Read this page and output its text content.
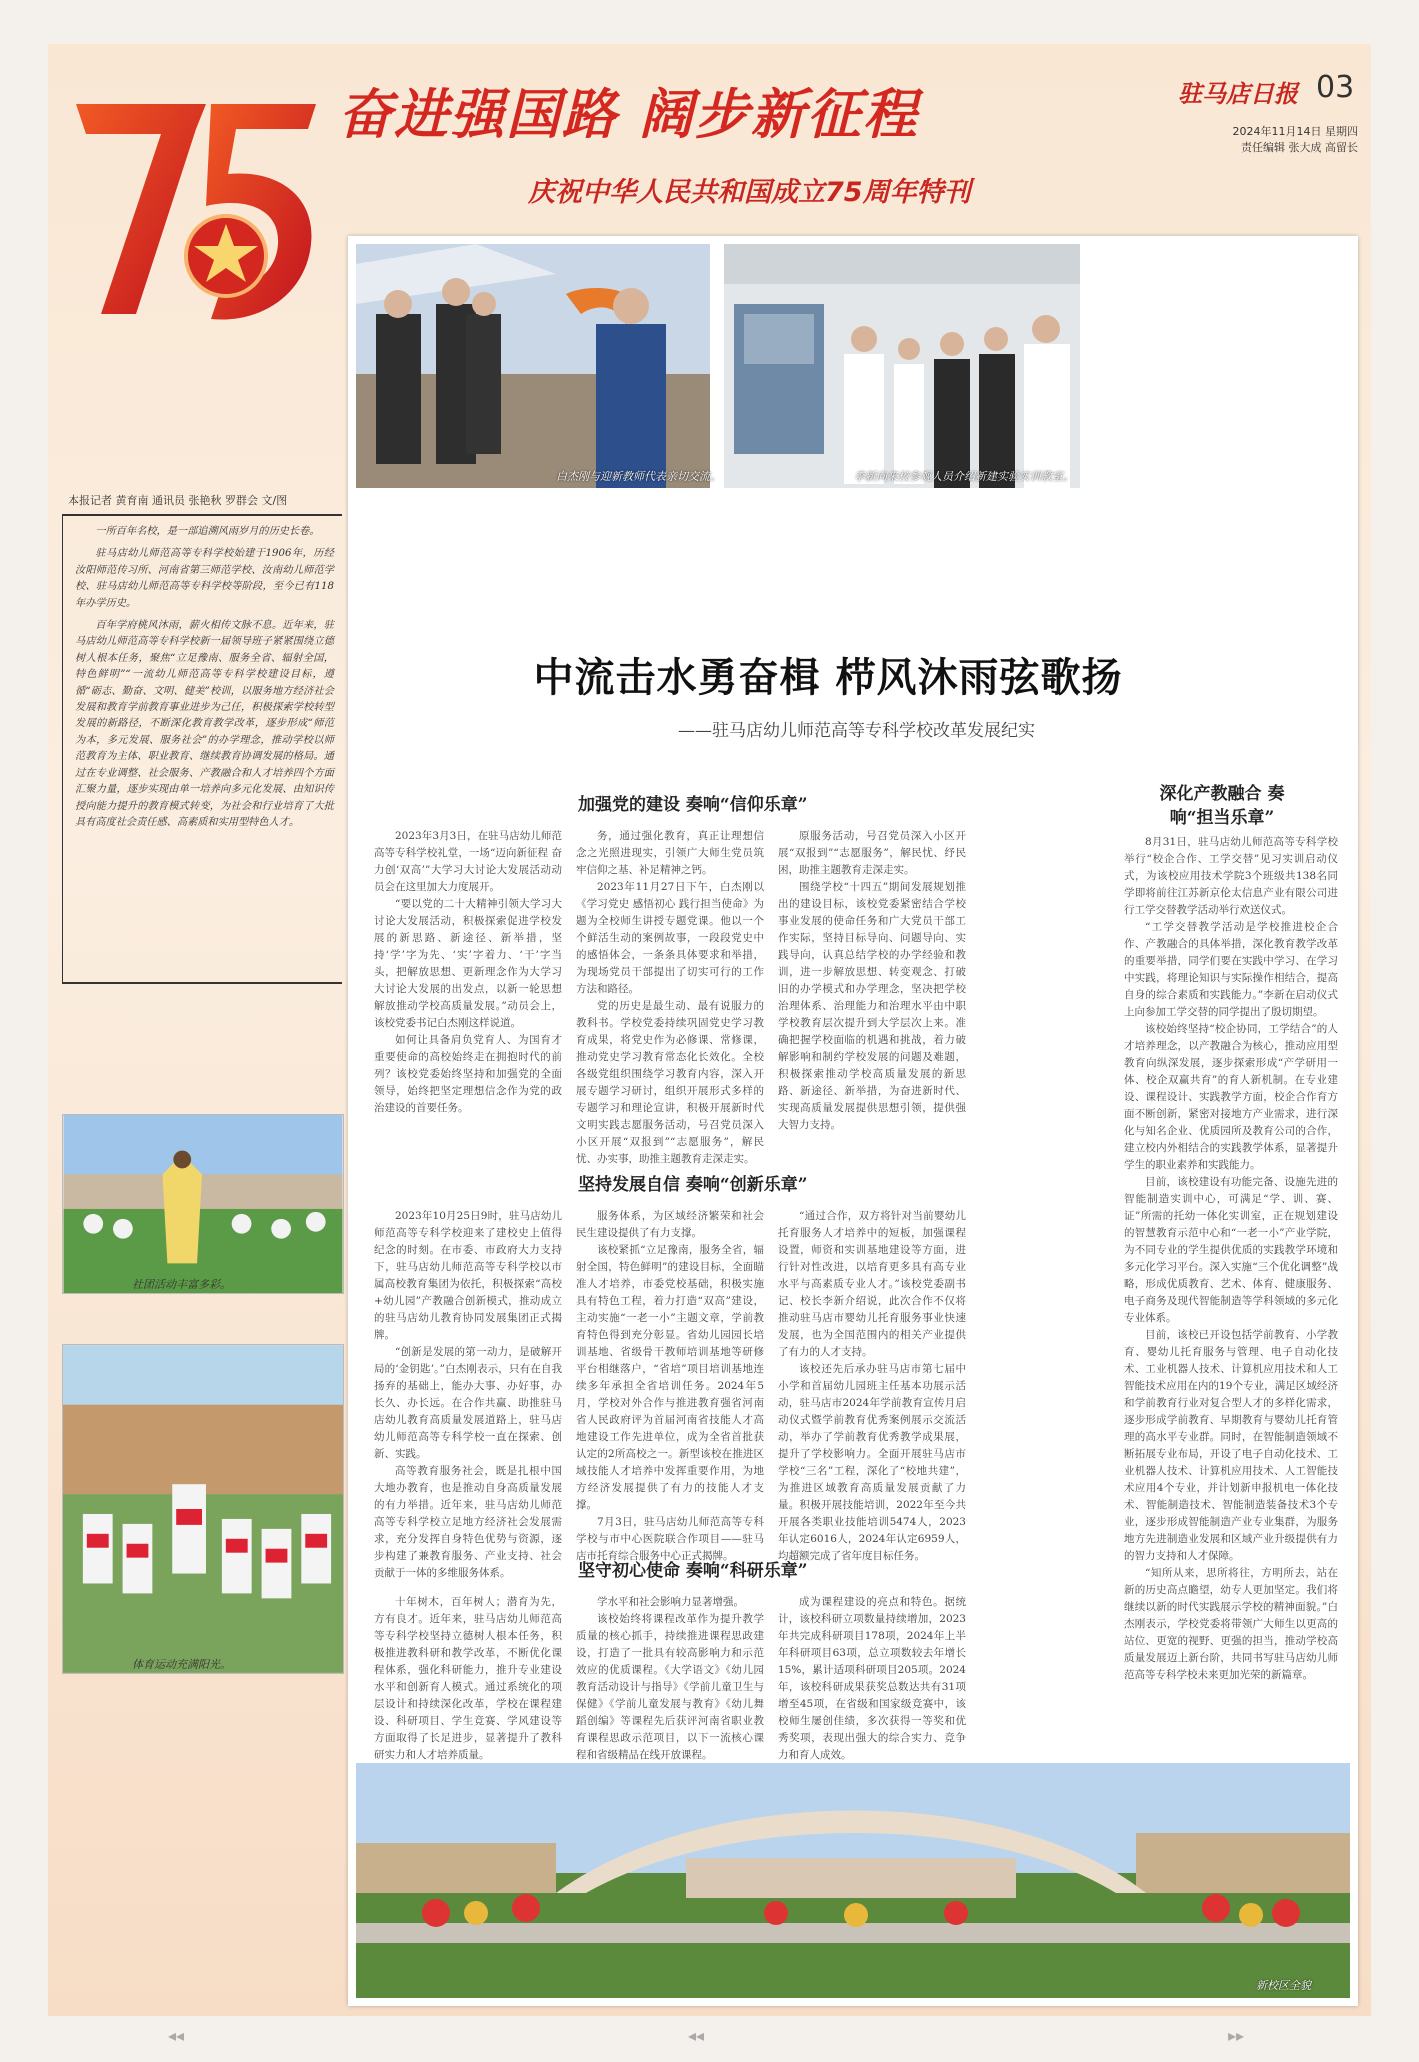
奋进强国路 阔步新征程
庆祝中华人民共和国成立75周年特刊
驻马店日报 03
2024年11月14日 星期四
责任编辑 张大成 高留长
本报记者 黄育南 通讯员 张艳秋 罗群会 文/图

一所百年名校，是一部追溯风雨岁月的历史长卷。

驻马店幼儿师范高等专科学校始建于1906年，历经汝阳师范传习所、河南省第三师范学校、汝南幼儿师范学校、驻马店幼儿师范高等专科学校等阶段，至今已有118年办学历史。

百年学府桃风沐雨，薪火相传文脉不息。近年来，驻马店幼儿师范高等专科学校新一届领导班子紧紧围绕立德树人根本任务，聚焦“立足豫南、服务全省、辐射全国，特色鲜明”“一流幼儿师范高等专科学校建设目标，遵循“砺志、勤奋、文明、健美”校训，以服务地方经济社会发展和教育学前教育事业进步为己任，积极探索学校转型发展的新路径，不断深化教育教学改革，逐步形成“师范为本，多元发展、服务社会”的办学理念，推动学校以师范教育为主体、职业教育、继续教育协调发展的格局。通过在专业调整、社会服务、产教融合和人才培养四个方面汇聚力量，逐步实现由单一培养向多元化发展、由知识传授向能力提升的教育模式转变，为社会和行业培育了大批具有高度社会责任感、高素质和实用型特色人才。

社团活动丰富多彩。
体育运动充满阳光。
白杰刚与迎新教师代表亲切交流。	李新向来校参观人员介绍新建实验实训教室。
新校区全貌
中流击水勇奋楫 栉风沐雨弦歌扬
——驻马店幼儿师范高等专科学校改革发展纪实
加强党的建设 奏响“信仰乐章”

2023年3月3日，在驻马店幼儿师范高等专科学校礼堂，一场“迈向新征程 奋力创‘双高’”大学习大讨论大发展活动动员会在这里加大力度展开。

“要以党的二十大精神引领大学习大讨论大发展活动，积极探索促进学校发展的新思路、新途径、新举措，坚持‘学’字为先、‘实’字着力、‘干’字当头，把解放思想、更新理念作为大学习大讨论大发展的出发点，以新一轮思想解放推动学校高质量发展。”动员会上，该校党委书记白杰刚这样说道。

如何让具备肩负党育人、为国育才重要使命的高校始终走在拥抱时代的前列？该校党委始终坚持和加强党的全面领导，始终把坚定理想信念作为党的政治建设的首要任务。

务，通过强化教育，真正让理想信念之光照进现实，引领广大师生党员筑牢信仰之基、补足精神之钙。

2023年11月27日下午，白杰刚以《学习党史 感悟初心 践行担当使命》为题为全校师生讲授专题党课。他以一个个鲜活生动的案例故事，一段段党史中的感悟体会，一条条具体要求和举措，为现场党员干部提出了切实可行的工作方法和路径。

党的历史是最生动、最有说服力的教科书。学校党委持续巩固党史学习教育成果，将党史作为必修课、常修课，推动党史学习教育常态化长效化。全校各级党组织围绕学习教育内容，深入开展专题学习研讨，组织开展形式多样的专题学习和理论宣讲，积极开展新时代文明实践志愿服务活动，号召党员深入小区开展“双报到”“志愿服务”，解民忧、办实事，助推主题教育走深走实。

原服务活动，号召党员深入小区开展“双报到”“志愿服务”，解民忧、纾民困，助推主题教育走深走实。

围绕学校“十四五”期间发展规划推出的建设目标，该校党委紧密结合学校事业发展的使命任务和广大党员干部工作实际，坚持目标导向、问题导向、实践导向，认真总结学校的办学经验和教训，进一步解放思想、转变观念、打破旧的办学模式和办学理念，坚决把学校治理体系、治理能力和治理水平由中职学校教育层次提升到大学层次上来。准确把握学校面临的机遇和挑战，着力破解影响和制约学校发展的问题及难题，积极探索推动学校高质量发展的新思路、新途径、新举措，为奋进新时代、实现高质量发展提供思想引领，提供强大智力支持。

坚持发展自信 奏响“创新乐章”

2023年10月25日9时，驻马店幼儿师范高等专科学校迎来了建校史上值得纪念的时刻。在市委、市政府大力支持下，驻马店幼儿师范高等专科学校以市属高校教育集团为依托，积极探索“高校+幼儿园”产教融合创新模式，推动成立的驻马店幼儿教育协同发展集团正式揭牌。

“创新是发展的第一动力，是破解开局的‘金钥匙’。”白杰刚表示，只有在自我扬弃的基础上，能办大事、办好事，办长久、办长远。在合作共赢、助推驻马店幼儿教育高质量发展道路上，驻马店幼儿师范高等专科学校一直在探索、创新、实践。

高等教育服务社会，既是扎根中国大地办教育，也是推动自身高质量发展的有力举措。近年来，驻马店幼儿师范高等专科学校立足地方经济社会发展需求，充分发挥自身特色优势与资源，逐步构建了兼教育服务、产业支持、社会贡献于一体的多维服务体系。

服务体系，为区域经济繁荣和社会民生建设提供了有力支撑。

该校紧抓“立足豫南，服务全省，辐射全国，特色鲜明”的建设目标，全面瞄准人才培养，市委党校基础，积极实施具有特色工程，着力打造“双高”建设，主动实施“一老一小”主题文章，学前教育特色得到充分彰显。省幼儿园园长培训基地、省级骨干教师培训基地等研修平台相继落户，“省培”项目培训基地连续多年承担全省培训任务。2024年5月，学校对外合作与推进教育强省河南省人民政府评为首届河南省技能人才高地建设工作先进单位，成为全省首批获认定的2所高校之一。新型该校在推进区域技能人才培养中发挥重要作用，为地方经济发展提供了有力的技能人才支撑。

7月3日，驻马店幼儿师范高等专科学校与市中心医院联合作项目——驻马店市托育综合服务中心正式揭牌。

“通过合作，双方将针对当前婴幼儿托育服务人才培养中的短板，加强课程设置，师资和实训基地建设等方面，进行针对性改进，以培育更多具有高专业水平与高素质专业人才。”该校党委副书记、校长李新介绍说，此次合作不仅将推动驻马店市婴幼儿托育服务事业快速发展，也为全国范围内的相关产业提供了有力的人才支持。

该校还先后承办驻马店市第七届中小学和首届幼儿园班主任基本功展示活动，驻马店市2024年学前教育宣传月启动仪式暨学前教育优秀案例展示交流活动，举办了学前教育优秀教学成果展，提升了学校影响力。全面开展驻马店市学校“三名”工程，深化了“校地共建”，为推进区域教育高质量发展贡献了力量。积极开展技能培训，2022年至今共开展各类职业技能培训5474人，2023年认定6016人，2024年认定6959人，均超额完成了省年度目标任务。

坚守初心使命 奏响“科研乐章”

十年树木，百年树人；潜育为先，方有良才。近年来，驻马店幼儿师范高等专科学校坚持立德树人根本任务，积极推进教科研和教学改革，不断优化课程体系，强化科研能力，推升专业建设水平和创新育人模式。通过系统化的项层设计和持续深化改革，学校在课程建设、科研项目、学生竞赛、学风建设等方面取得了长足进步，显著提升了教科研实力和人才培养质量。

学水平和社会影响力显著增强。

该校始终将课程改革作为提升教学质量的核心抓手，持续推进课程思政建设，打造了一批具有较高影响力和示范效应的优质课程。《大学语文》《幼儿园教育活动设计与指导》《学前儿童卫生与保健》《学前儿童发展与教育》《幼儿舞蹈创编》等课程先后获评河南省职业教育课程思政示范项目，以下一流核心课程和省级精品在线开放课程。

成为课程建设的亮点和特色。据统计，该校科研立项数量持续增加，2023年共完成科研项目178项，2024年上半年科研项目63项，总立项数较去年增长15%，累计适项科研项目205项。2024年，该校科研成果获奖总数达共有31项增至45项，在省级和国家级竞赛中，该校师生屡创佳绩，多次获得一等奖和优秀奖项，表现出强大的综合实力、竞争力和育人成效。

深化产教融合 奏响“担当乐章”

8月31日，驻马店幼儿师范高等专科学校举行“校企合作、工学交替”见习实训启动仪式，为该校应用技术学院3个班级共138名同学即将前往江苏新京伦太信息产业有限公司进行工学交替教学活动举行欢送仪式。

“工学交替教学活动是学校推进校企合作、产教融合的具体举措，深化教育教学改革的重要举措，同学们要在实践中学习、在学习中实践，将理论知识与实际操作相结合，提高自身的综合素质和实践能力。”李新在启动仪式上向参加工学交替的同学提出了殷切期望。

该校始终坚持“校企协同，工学结合”的人才培养理念，以产教融合为核心，推动应用型教育向纵深发展，逐步探索形成“产学研用一体、校企双赢共育”的育人新机制。在专业建设、课程设计、实践教学方面，校企合作育方面不断创新，紧密对接地方产业需求，进行深化与知名企业、优质园所及教育公司的合作，建立校内外相结合的实践教学体系，显著提升学生的职业素养和实践能力。

目前，该校建设有功能完备、设施先进的智能制造实训中心，可满足“学、训、赛、证”所需的托幼一体化实训室，正在规划建设的智慧教育示范中心和“一老一小”产业学院，为不同专业的学生提供优质的实践教学环境和多元化学习平台。深入实施“三个优化调整”战略，形成优质教育、艺术、体育、健康服务、电子商务及现代智能制造等学科领域的多元化专业体系。

目前，该校已开设包括学前教育、小学教育、婴幼儿托育服务与管理、电子自动化技术、工业机器人技术、计算机应用技术和人工智能技术应用在内的19个专业，满足区域经济和学前教育行业对复合型人才的多样化需求，逐步形成学前教育、早期教育与婴幼儿托育管理的高水平专业群。同时，在智能制造领域不断拓展专业布局，开设了电子自动化技术、工业机器人技术、计算机应用技术、人工智能技术应用4个专业，并计划新申报机电一体化技术、智能制造技术、智能制造装备技术3个专业，逐步形成智能制造产业专业集群，为服务地方先进制造业发展和区域产业升级提供有力的智力支持和人才保障。

“知所从来，思所将往，方明所去，站在新的历史高点瞻望，幼专人更加坚定。我们将继续以新的时代实践展示学校的精神面貌。”白杰刚表示，学校党委将带领广大师生以更高的站位、更宽的视野、更强的担当，推动学校高质量发展迈上新台阶，共同书写驻马店幼儿师范高等专科学校未来更加光荣的新篇章。

◂◂	◂◂	▸▸
